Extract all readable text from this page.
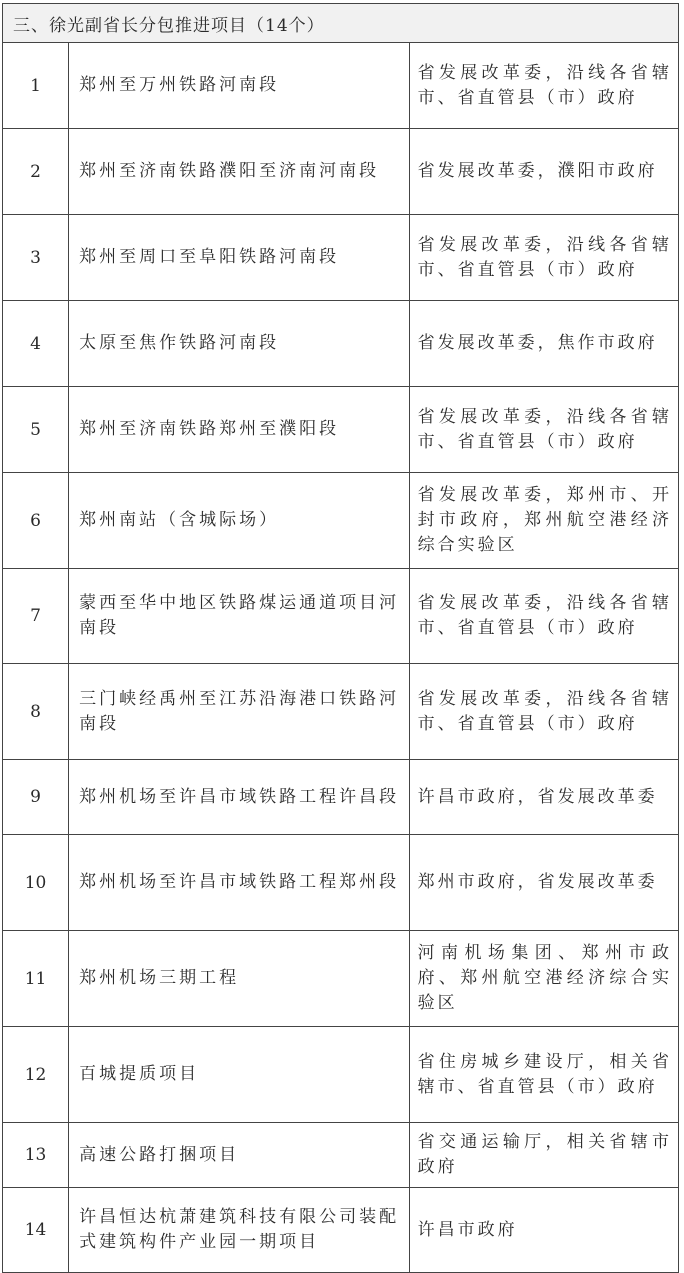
三、徐光副省长分包推进项目（14个）		
1	郑州至万州铁路河南段	省发展改革委，沿线各省辖市、省直管县（市）政府
2	郑州至济南铁路濮阳至济南河南段	省发展改革委，濮阳市政府
3	郑州至周口至阜阳铁路河南段	省发展改革委，沿线各省辖市、省直管县（市）政府
4	太原至焦作铁路河南段	省发展改革委，焦作市政府
5	郑州至济南铁路郑州至濮阳段	省发展改革委，沿线各省辖市、省直管县（市）政府
6	郑州南站（含城际场）	省发展改革委，郑州市、开封市政府，郑州航空港经济综合实验区
7	蒙西至华中地区铁路煤运通道项目河南段	省发展改革委，沿线各省辖市、省直管县（市）政府
8	三门峡经禹州至江苏沿海港口铁路河南段	省发展改革委，沿线各省辖市、省直管县（市）政府
9	郑州机场至许昌市域铁路工程许昌段	许昌市政府，省发展改革委
10	郑州机场至许昌市域铁路工程郑州段	郑州市政府，省发展改革委
11	郑州机场三期工程	河南机场集团、郑州市政府、郑州航空港经济综合实验区
12	百城提质项目	省住房城乡建设厅，相关省辖市、省直管县（市）政府
13	高速公路打捆项目	省交通运输厅，相关省辖市政府
14	许昌恒达杭萧建筑科技有限公司装配式建筑构件产业园一期项目	许昌市政府
